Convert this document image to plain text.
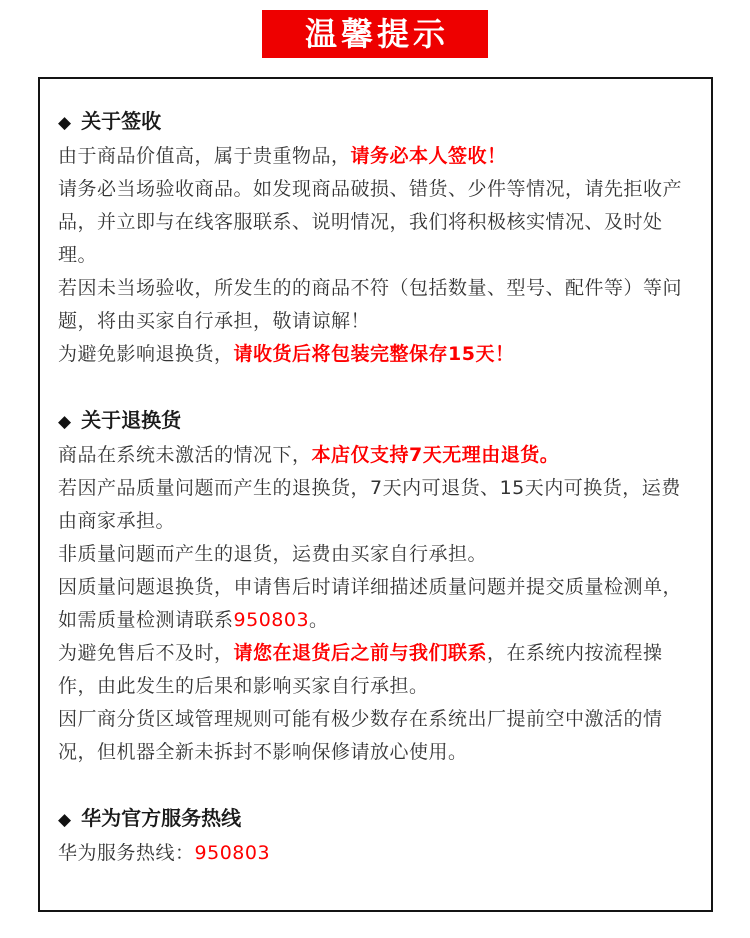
温馨提示
◆ 关于签收

由于商品价值高，属于贵重物品，请务必本人签收！

请务必当场验收商品。如发现商品破损、错货、少件等情况，请先拒收产品，并立即与在线客服联系、说明情况，我们将积极核实情况、及时处理。

若因未当场验收，所发生的的商品不符（包括数量、型号、配件等）等问题，将由买家自行承担，敬请谅解！

为避免影响退换货，请收货后将包装完整保存15天！

◆ 关于退换货

商品在系统未激活的情况下，本店仅支持7天无理由退货。

若因产品质量问题而产生的退换货，7天内可退货、15天内可换货，运费由商家承担。

非质量问题而产生的退货，运费由买家自行承担。

因质量问题退换货，申请售后时请详细描述质量问题并提交质量检测单，如需质量检测请联系950803。

为避免售后不及时，请您在退货后之前与我们联系，在系统内按流程操作，由此发生的后果和影响买家自行承担。

因厂商分货区域管理规则可能有极少数存在系统出厂提前空中激活的情况，但机器全新未拆封不影响保修请放心使用。

◆ 华为官方服务热线

华为服务热线：950803
